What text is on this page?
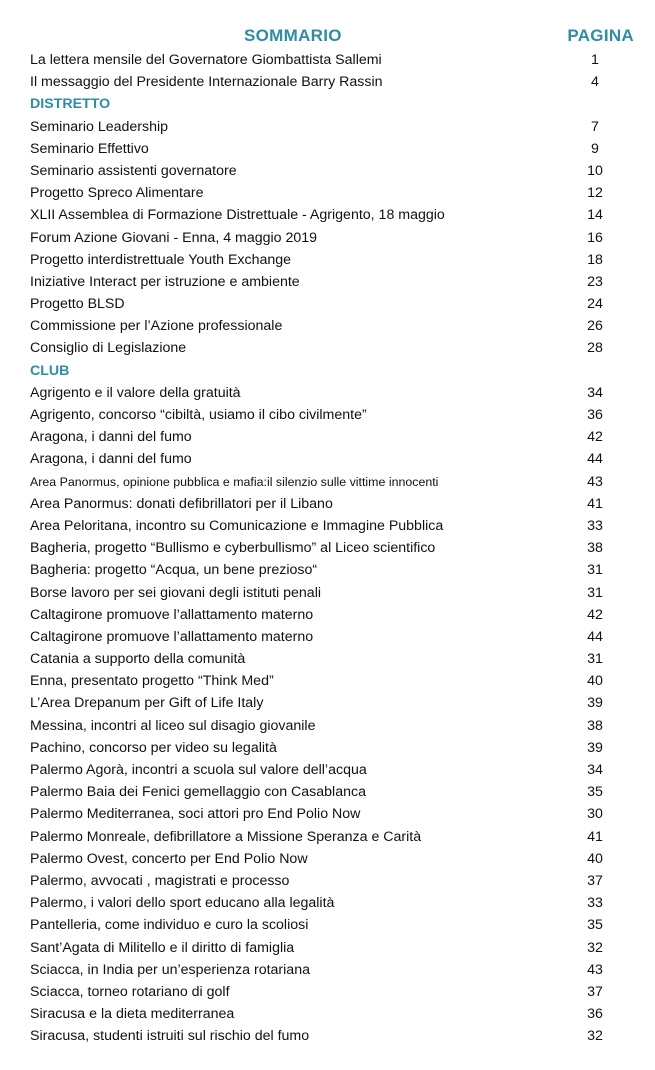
SOMMARIO	PAGINA
La lettera mensile del Governatore Giombattista Sallemi	1
Il messaggio del Presidente Internazionale Barry Rassin	4
DISTRETTO
Seminario Leadership	7
Seminario Effettivo	9
Seminario assistenti governatore	10
Progetto Spreco Alimentare	12
XLII Assemblea di Formazione Distrettuale - Agrigento, 18 maggio	14
Forum Azione Giovani - Enna, 4 maggio 2019	16
Progetto interdistrettuale Youth Exchange	18
Iniziative Interact per istruzione e ambiente	23
Progetto BLSD	24
Commissione per l’Azione professionale	26
Consiglio di Legislazione	28
CLUB
Agrigento e il valore della gratuità	34
Agrigento, concorso “cibiltà, usiamo il cibo civilmente”	36
Aragona, i danni del fumo	42
Aragona, i danni del fumo	44
Area Panormus, opinione pubblica e mafia:il silenzio sulle vittime innocenti	43
Area Panormus: donati defibrillatori per il Libano	41
Area Peloritana, incontro su Comunicazione e Immagine Pubblica	33
Bagheria, progetto “Bullismo e cyberbullismo” al Liceo scientifico	38
Bagheria: progetto “Acqua, un bene prezioso“	31
Borse lavoro per sei giovani degli istituti penali	31
Caltagirone promuove l’allattamento materno	42
Caltagirone promuove l’allattamento materno	44
Catania a supporto della comunità	31
Enna, presentato progetto “Think Med”	40
L’Area Drepanum per Gift of Life Italy	39
Messina, incontri al liceo sul disagio giovanile	38
Pachino, concorso per video su legalità	39
Palermo Agorà, incontri a scuola sul valore dell’acqua	34
Palermo Baia dei Fenici gemellaggio con Casablanca	35
Palermo Mediterranea, soci attori pro End Polio Now	30
Palermo Monreale, defibrillatore a Missione Speranza e Carità	41
Palermo Ovest, concerto per End Polio Now	40
Palermo, avvocati , magistrati e processo	37
Palermo, i valori dello sport educano alla legalità	33
Pantelleria, come individuo e curo la scoliosi	35
Sant’Agata di Militello e il diritto di famiglia	32
Sciacca, in India per un’esperienza rotariana	43
Sciacca, torneo rotariano di golf	37
Siracusa e la dieta mediterranea	36
Siracusa, studenti istruiti sul rischio del fumo	32
